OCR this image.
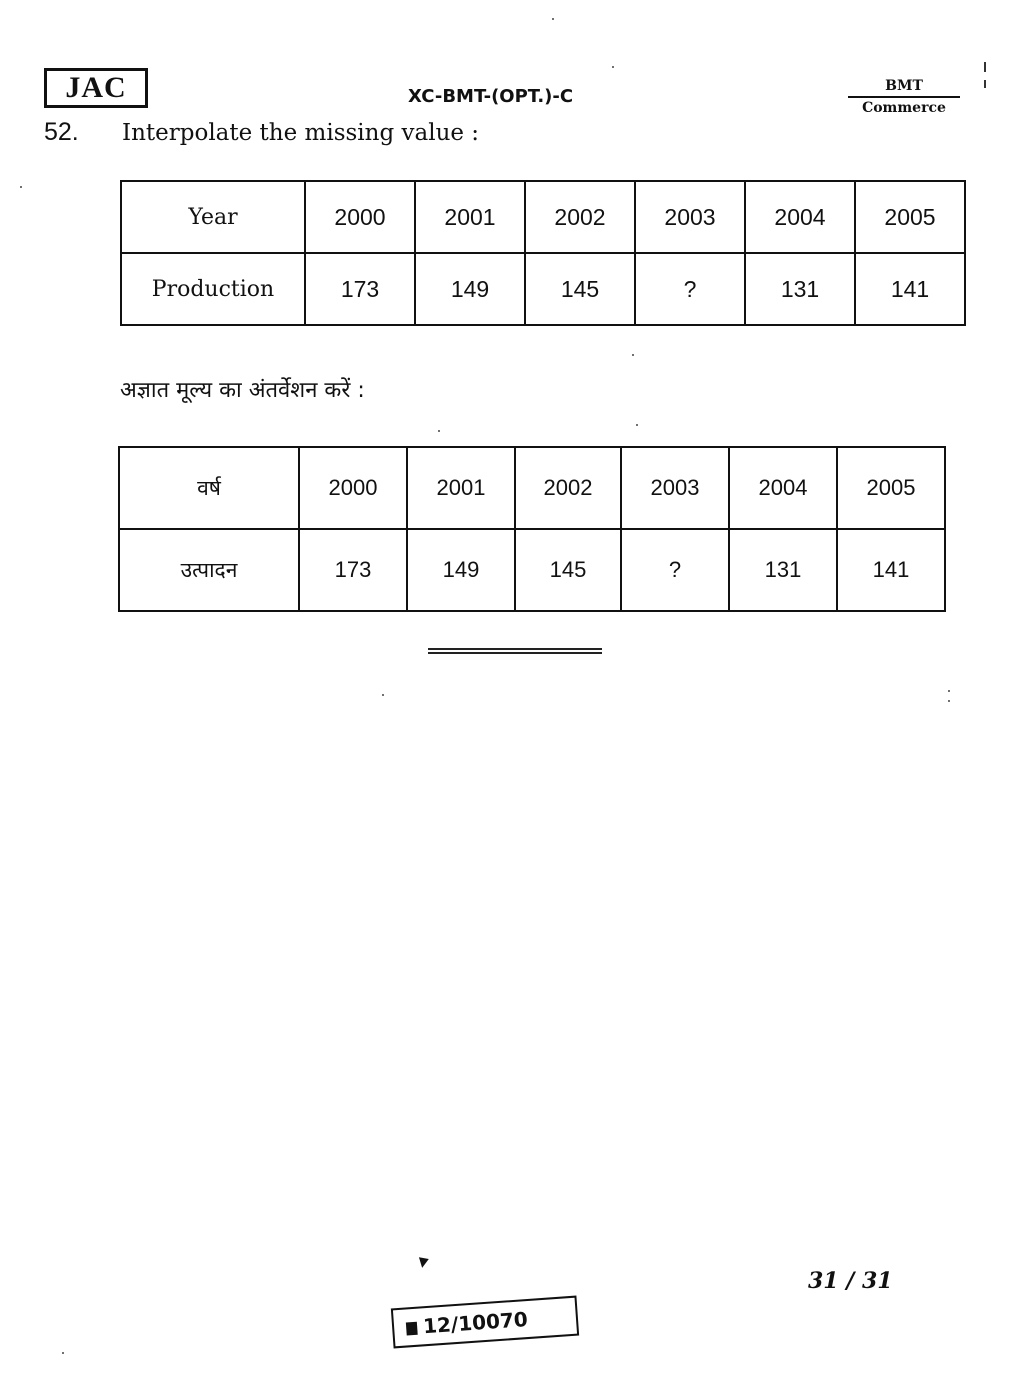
JAC	XC-BMT-(OPT.)-C	BMT
Commerce
52. Interpolate the missing value :
Year	2000	2001	2002	2003	2004	2005
Production	173	149	145	?	131	141
अज्ञात मूल्य का अंतर्वेशन करें :
वर्ष	2000	2001	2002	2003	2004	2005
उत्पादन	173	149	145	?	131	141
31 / 31
12/10070
